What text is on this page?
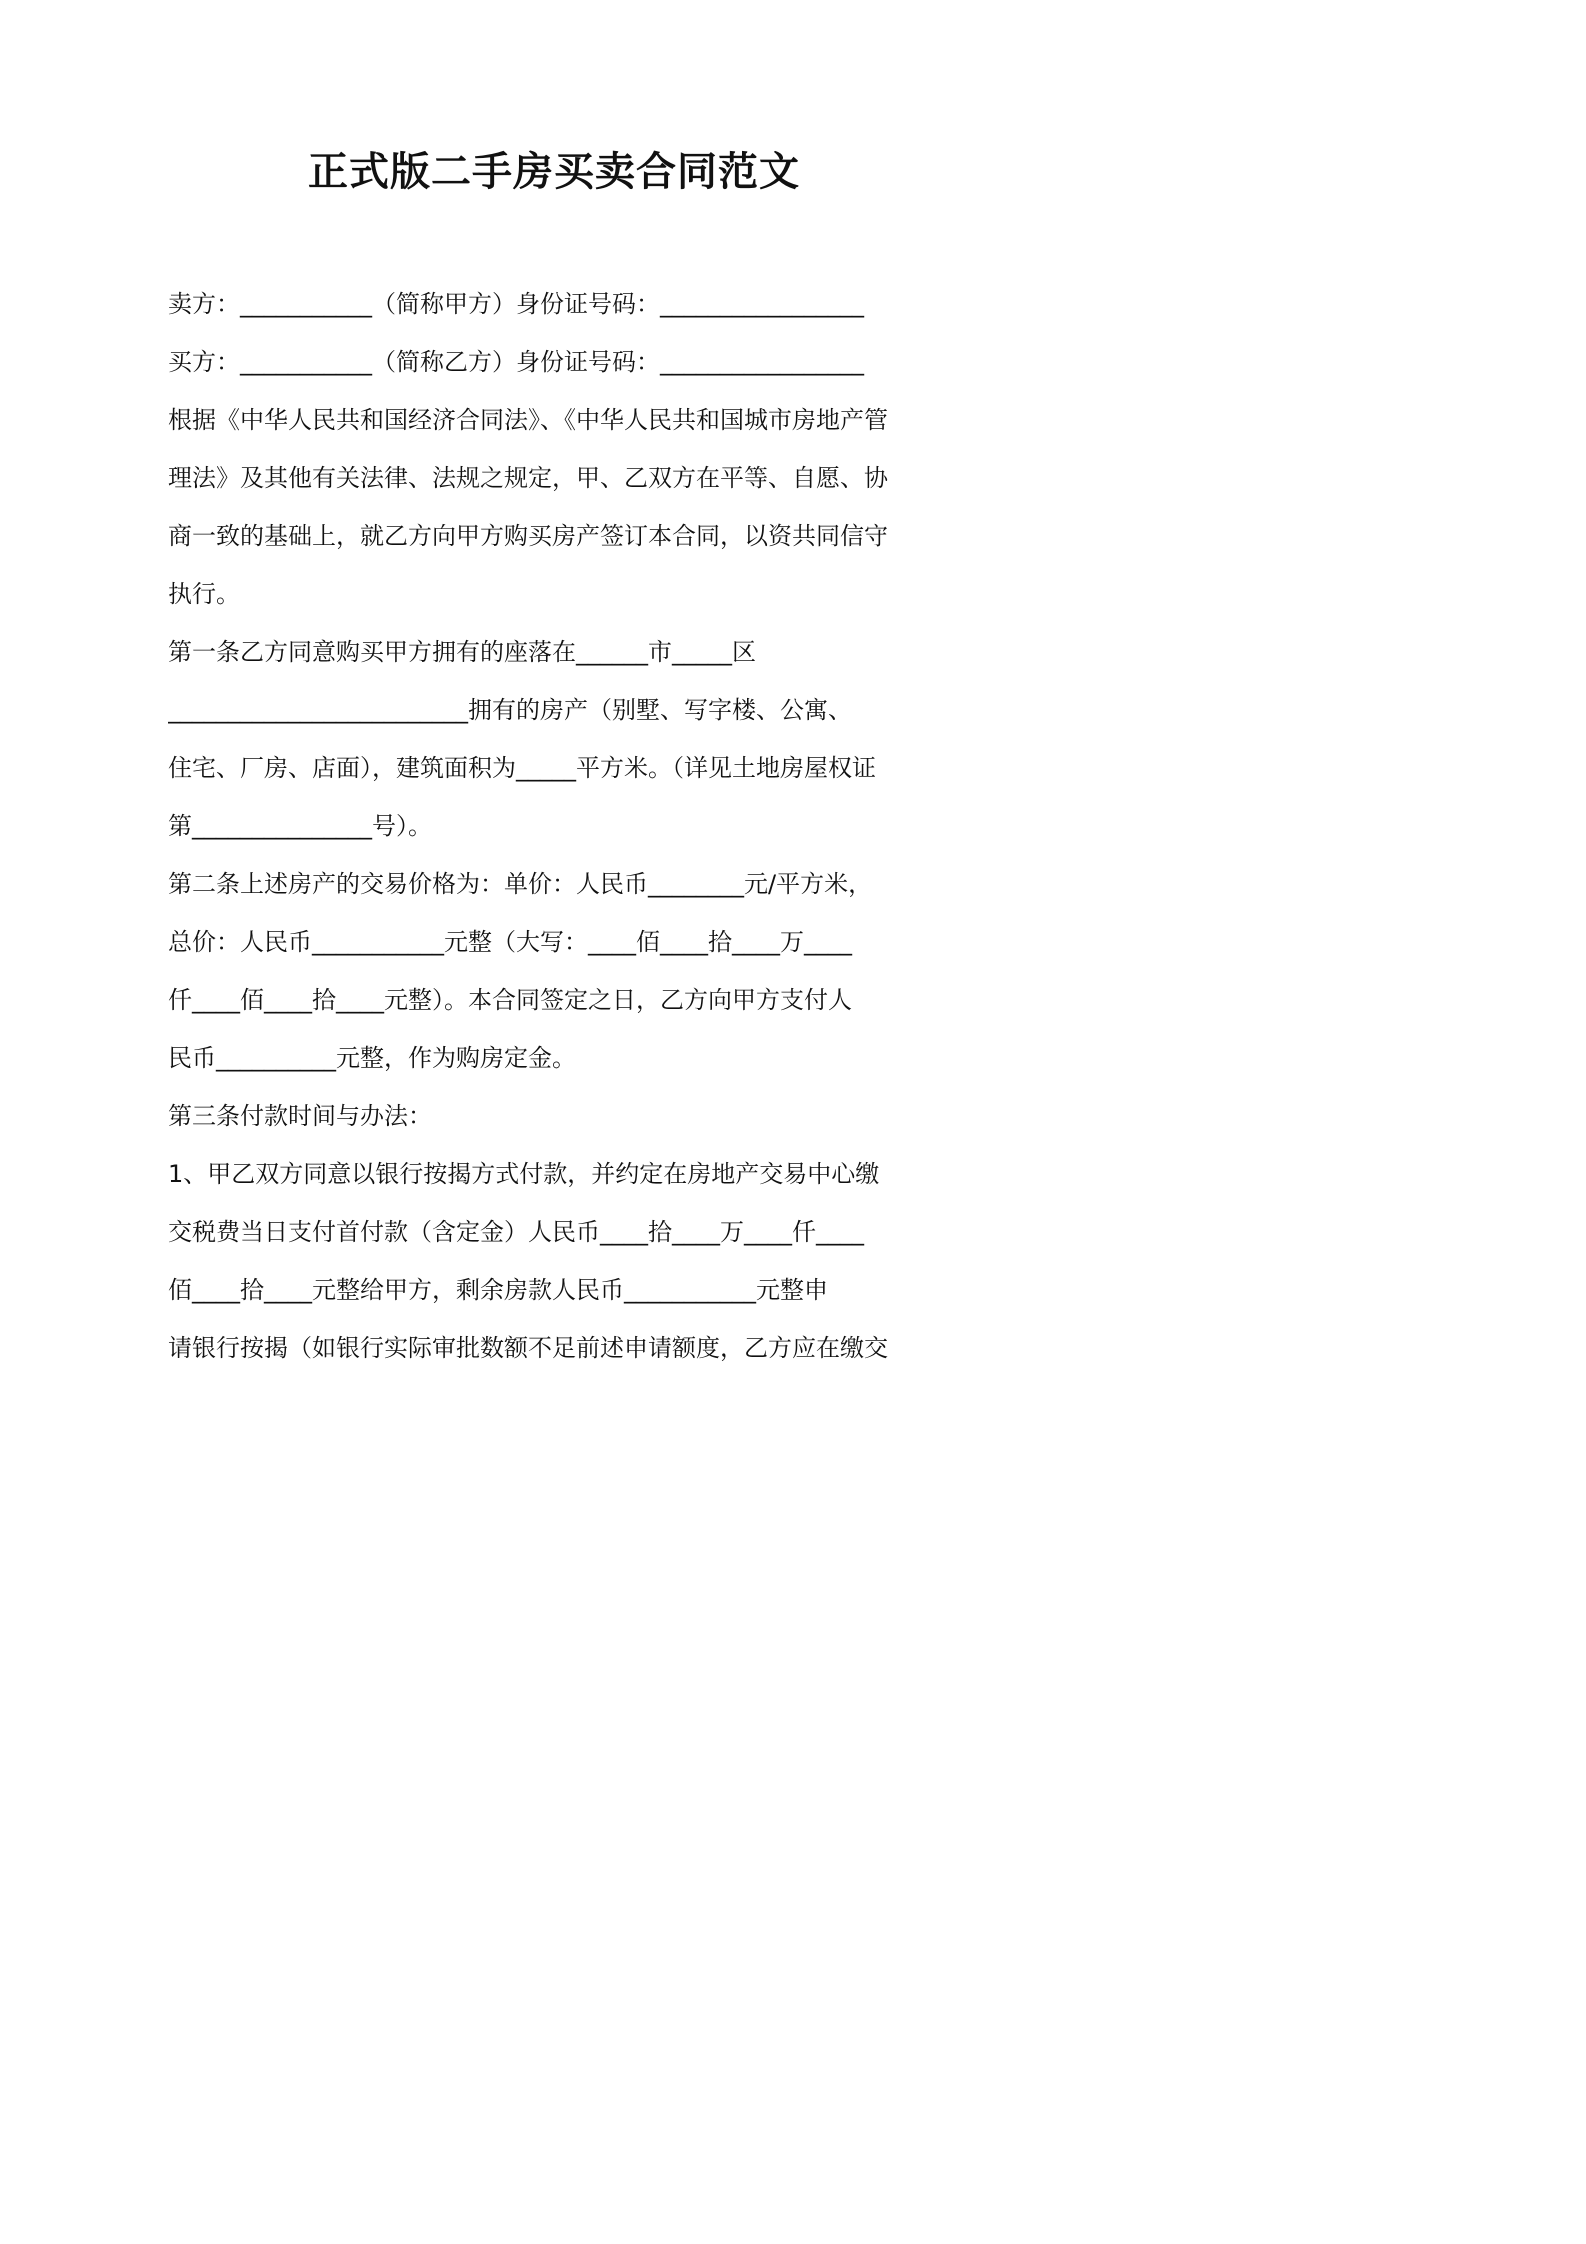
正式版二手房买卖合同范文
卖方：___________（简称甲方）身份证号码：_________________
买方：___________（简称乙方）身份证号码：_________________
根据《中华人民共和国经济合同法》、《中华人民共和国城市房地产管
理法》及其他有关法律、法规之规定，甲、乙双方在平等、自愿、协
商一致的基础上，就乙方向甲方购买房产签订本合同，以资共同信守
执行。
第一条乙方同意购买甲方拥有的座落在______市_____区
_________________________拥有的房产（别墅、写字楼、公寓、
住宅、厂房、店面），建筑面积为_____平方米。（详见土地房屋权证
第_______________号）。
第二条上述房产的交易价格为：单价：人民币________元/平方米，
总价：人民币___________元整（大写：____佰____拾____万____
仟____佰____拾____元整）。本合同签定之日，乙方向甲方支付人
民币__________元整，作为购房定金。
第三条付款时间与办法：
1、甲乙双方同意以银行按揭方式付款，并约定在房地产交易中心缴
交税费当日支付首付款（含定金）人民币____拾____万____仟____
佰____拾____元整给甲方，剩余房款人民币___________元整申
请银行按揭（如银行实际审批数额不足前述申请额度，乙方应在缴交
